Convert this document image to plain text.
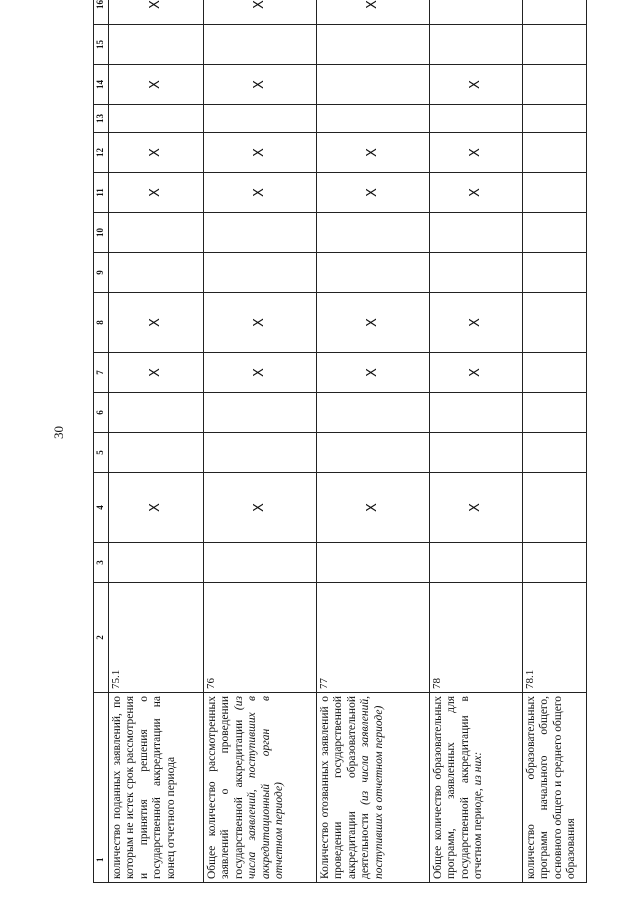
30
1	2	3	4	5	6	7	8	9	10	11	12	13	14	15	16	
количество поданных заявлений, по которым не истек срок рассмотрения и принятия решения о государственной аккредитации на конец отчетного периода	75.1		X			X	X			X	X		X		X	
Общее количество рассмотренных заявлений о проведении государственной аккредитации (из числа заявлений, поступивших в аккредитационный орган в отчетном периоде)	76		X			X	X			X	X		X		X	
Количество отозванных заявлений о проведении государственной аккредитации образовательной деятельности (из числа заявлений, поступивших в отчетном периоде)	77		X			X	X			X	X				X	
Общее количество образовательных программ, заявленных для государственной аккредитации в отчетном периоде, из них:	78		X			X	X			X	X		X			
количество образовательных программ начального общего, основного общего и среднего общего образования	78.1															
